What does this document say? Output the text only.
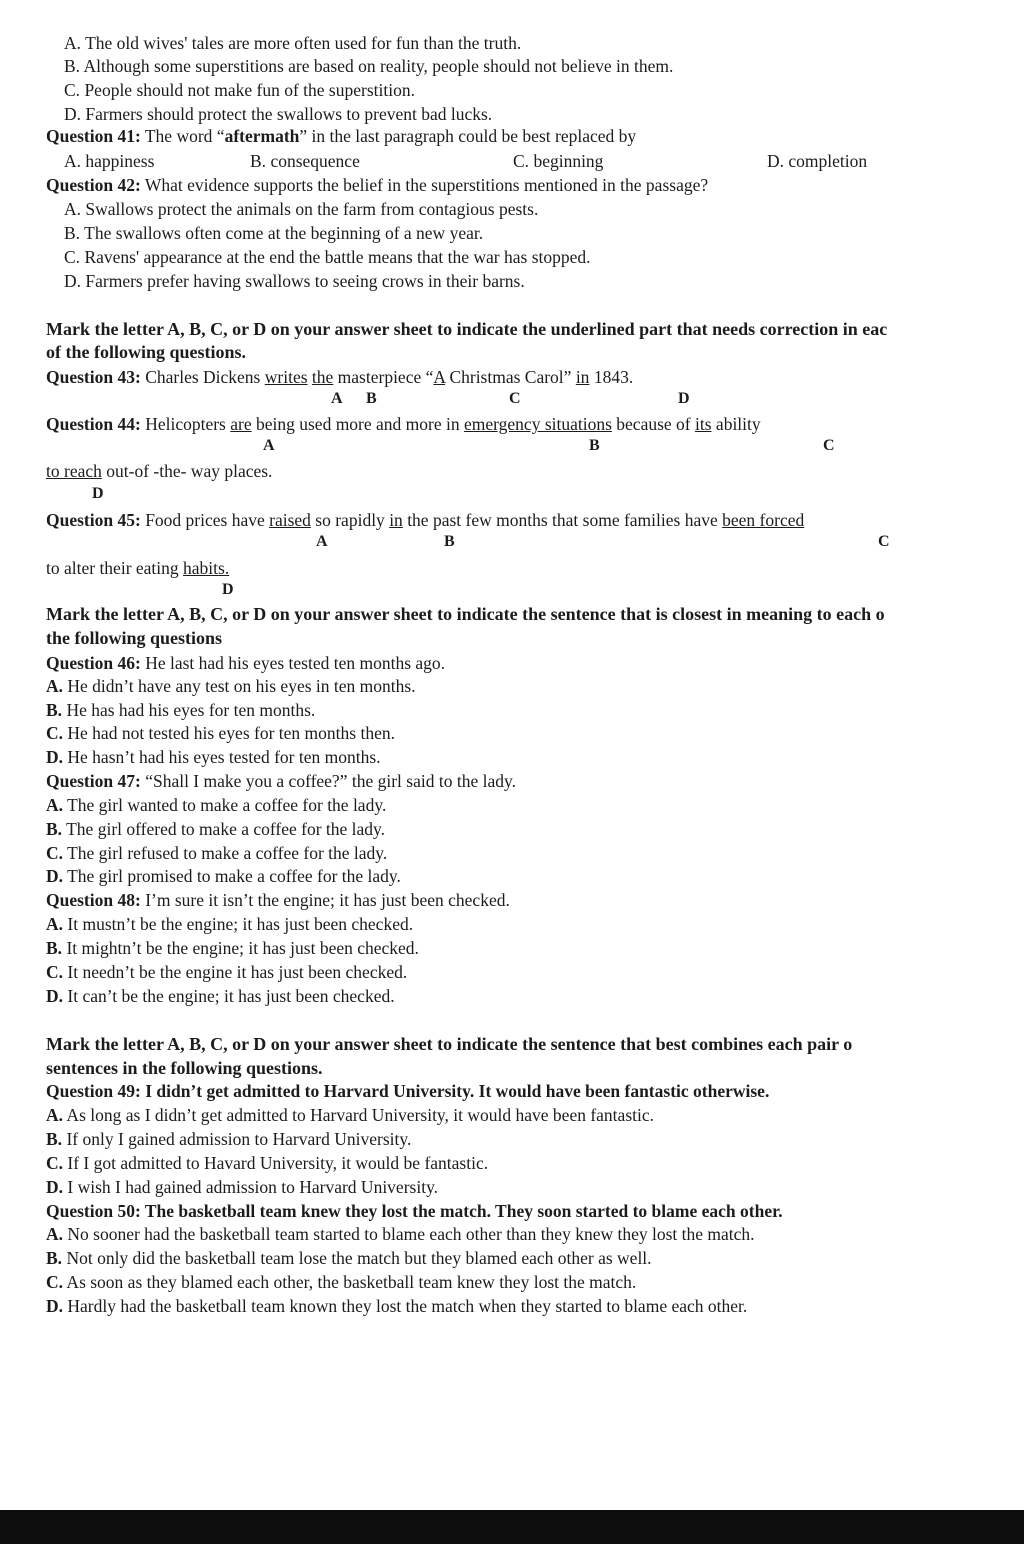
A. The old wives' tales are more often used for fun than the truth.
B. Although some superstitions are based on reality, people should not believe in them.
C. People should not make fun of the superstition.
D. Farmers should protect the swallows to prevent bad lucks.
Question 41: The word “aftermath” in the last paragraph could be best replaced by
A. happiness	B. consequence	C. beginning	D. completion
Question 42: What evidence supports the belief in the superstitions mentioned in the passage?
A. Swallows protect the animals on the farm from contagious pests.
B. The swallows often come at the beginning of a new year.
C. Ravens' appearance at the end the battle means that the war has stopped.
D. Farmers prefer having swallows to seeing crows in their barns.
Mark the letter A, B, C, or D on your answer sheet to indicate the underlined part that needs correction in eac
of the following questions.
Question 43: Charles Dickens writes the masterpiece “A Christmas Carol” in 1843.
A B	C	D
Question 44: Helicopters are being used more and more in emergency situations because of its ability
A	B	C
to reach out-of -the- way places.
D
Question 45: Food prices have raised so rapidly in the past few months that some families have been forced
A	B	C
to alter their eating habits.
D
Mark the letter A, B, C, or D on your answer sheet to indicate the sentence that is closest in meaning to each o
the following questions
Question 46: He last had his eyes tested ten months ago.
A. He didn’t have any test on his eyes in ten months.
B. He has had his eyes for ten months.
C. He had not tested his eyes for ten months then.
D. He hasn’t had his eyes tested for ten months.
Question 47: “Shall I make you a coffee?” the girl said to the lady.
A. The girl wanted to make a coffee for the lady.
B. The girl offered to make a coffee for the lady.
C. The girl refused to make a coffee for the lady.
D. The girl promised to make a coffee for the lady.
Question 48: I’m sure it isn’t the engine; it has just been checked.
A. It mustn’t be the engine; it has just been checked.
B. It mightn’t be the engine; it has just been checked.
C. It needn’t be the engine it has just been checked.
D. It can’t be the engine; it has just been checked.
Mark the letter A, B, C, or D on your answer sheet to indicate the sentence that best combines each pair o
sentences in the following questions.
Question 49: I didn’t get admitted to Harvard University. It would have been fantastic otherwise.
A. As long as I didn’t get admitted to Harvard University, it would have been fantastic.
B. If only I gained admission to Harvard University.
C. If I got admitted to Havard University, it would be fantastic.
D. I wish I had gained admission to Harvard University.
Question 50: The basketball team knew they lost the match. They soon started to blame each other.
A. No sooner had the basketball team started to blame each other than they knew they lost the match.
B. Not only did the basketball team lose the match but they blamed each other as well.
C. As soon as they blamed each other, the basketball team knew they lost the match.
D. Hardly had the basketball team known they lost the match when they started to blame each other.
